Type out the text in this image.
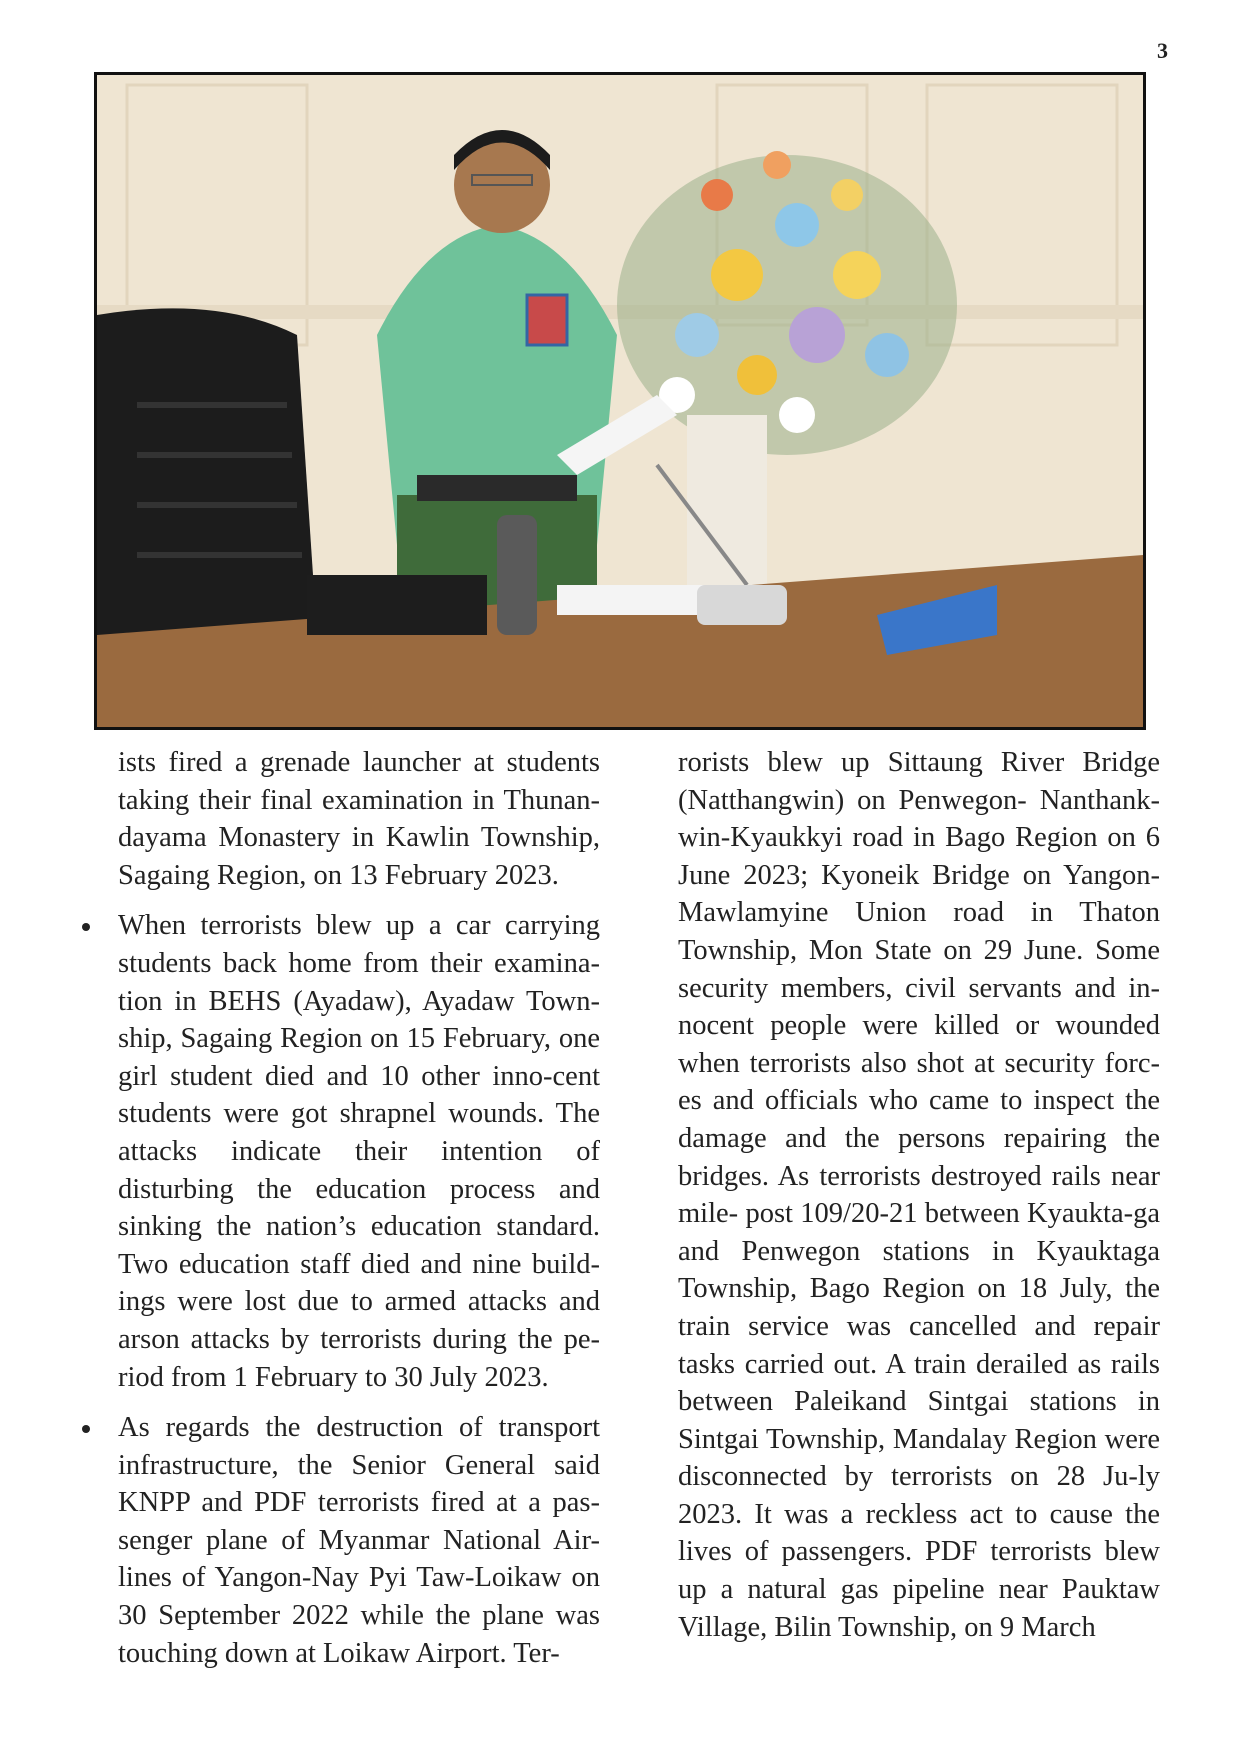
3

ists fired a grenade launcher at students taking their final examination in Thunan-dayama Monastery in Kawlin Township, Sagaing Region, on 13 February 2023.

When terrorists blew up a car carrying students back home from their examina-tion in BEHS (Ayadaw), Ayadaw Town-ship, Sagaing Region on 15 February, one girl student died and 10 other inno-cent students were got shrapnel wounds. The attacks indicate their intention of disturbing the education process and sinking the nation’s education standard. Two education staff died and nine build-ings were lost due to armed attacks and arson attacks by terrorists during the pe-riod from 1 February to 30 July 2023.

As regards the destruction of transport infrastructure, the Senior General said KNPP and PDF terrorists fired at a pas-senger plane of Myanmar National Air-lines of Yangon-Nay Pyi Taw-Loikaw on 30 September 2022 while the plane was touching down at Loikaw Airport. Ter-

rorists blew up Sittaung River Bridge (Natthangwin) on Penwegon- Nanthank-win-Kyaukkyi road in Bago Region on 6 June 2023; Kyoneik Bridge on Yangon-Mawlamyine Union road in Thaton Township, Mon State on 29 June. Some security members, civil servants and in-nocent people were killed or wounded when terrorists also shot at security forc-es and officials who came to inspect the damage and the persons repairing the bridges. As terrorists destroyed rails near mile- post 109/20-21 between Kyaukta-ga and Penwegon stations in Kyauktaga Township, Bago Region on 18 July, the train service was cancelled and repair tasks carried out. A train derailed as rails between Paleikand Sintgai stations in Sintgai Township, Mandalay Region were disconnected by terrorists on 28 Ju-ly 2023. It was a reckless act to cause the lives of passengers. PDF terrorists blew up a natural gas pipeline near Pauktaw Village, Bilin Township, on 9 March
